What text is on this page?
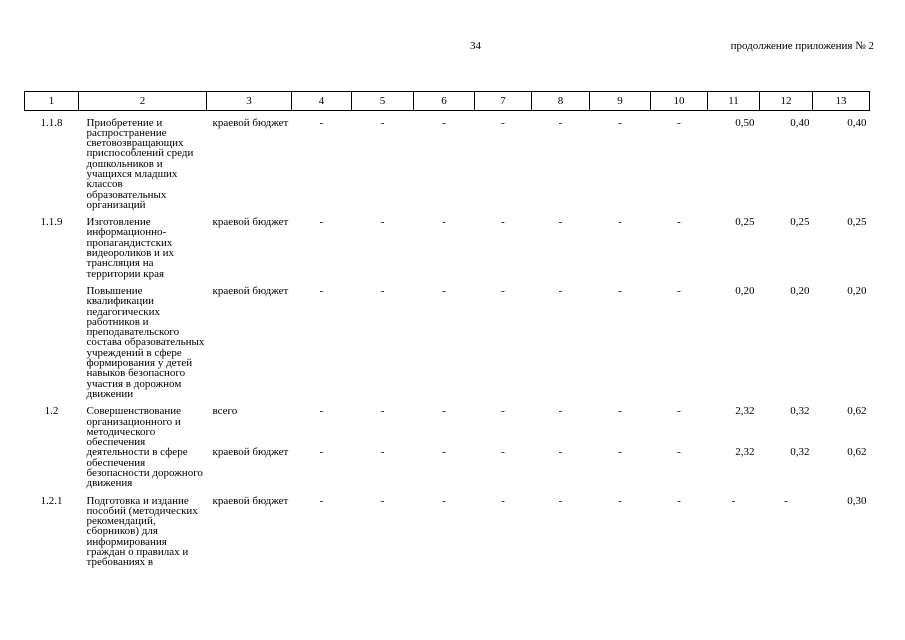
34	продолжение приложения № 2
1	2	3	4	5	6	7	8	9	10	11	12	13

1.1.8	Приобретение и распространение световозвращающих приспособлений среди дошкольников и учащихся младших классов образовательных организаций	краевой бюджет	-	-	-	-	-	-	-	0,50	0,40	0,40

1.1.9	Изготовление информационно-пропагандистских видеороликов и их трансляция на территории края	краевой бюджет	-	-	-	-	-	-	-	0,25	0,25	0,25

	Повышение квалификации педагогических работников и преподавательского состава образовательных учреждений в сфере формирования у детей навыков безопасного участия в дорожном движении	краевой бюджет	-	-	-	-	-	-	-	0,20	0,20	0,20

1.2	Совершенствование организационного и методического обеспечения деятельности в сфере обеспечения безопасности дорожного движения	всего	-	-	-	-	-	-	-	2,32	0,32	0,62
		краевой бюджет	-	-	-	-	-	-	-	2,32	0,32	0,62

1.2.1	Подготовка и издание пособий (методических рекомендаций, сборников) для информирования граждан о правилах и требованиях в	краевой бюджет	-	-	-	-	-	-	-	-	-	0,30
